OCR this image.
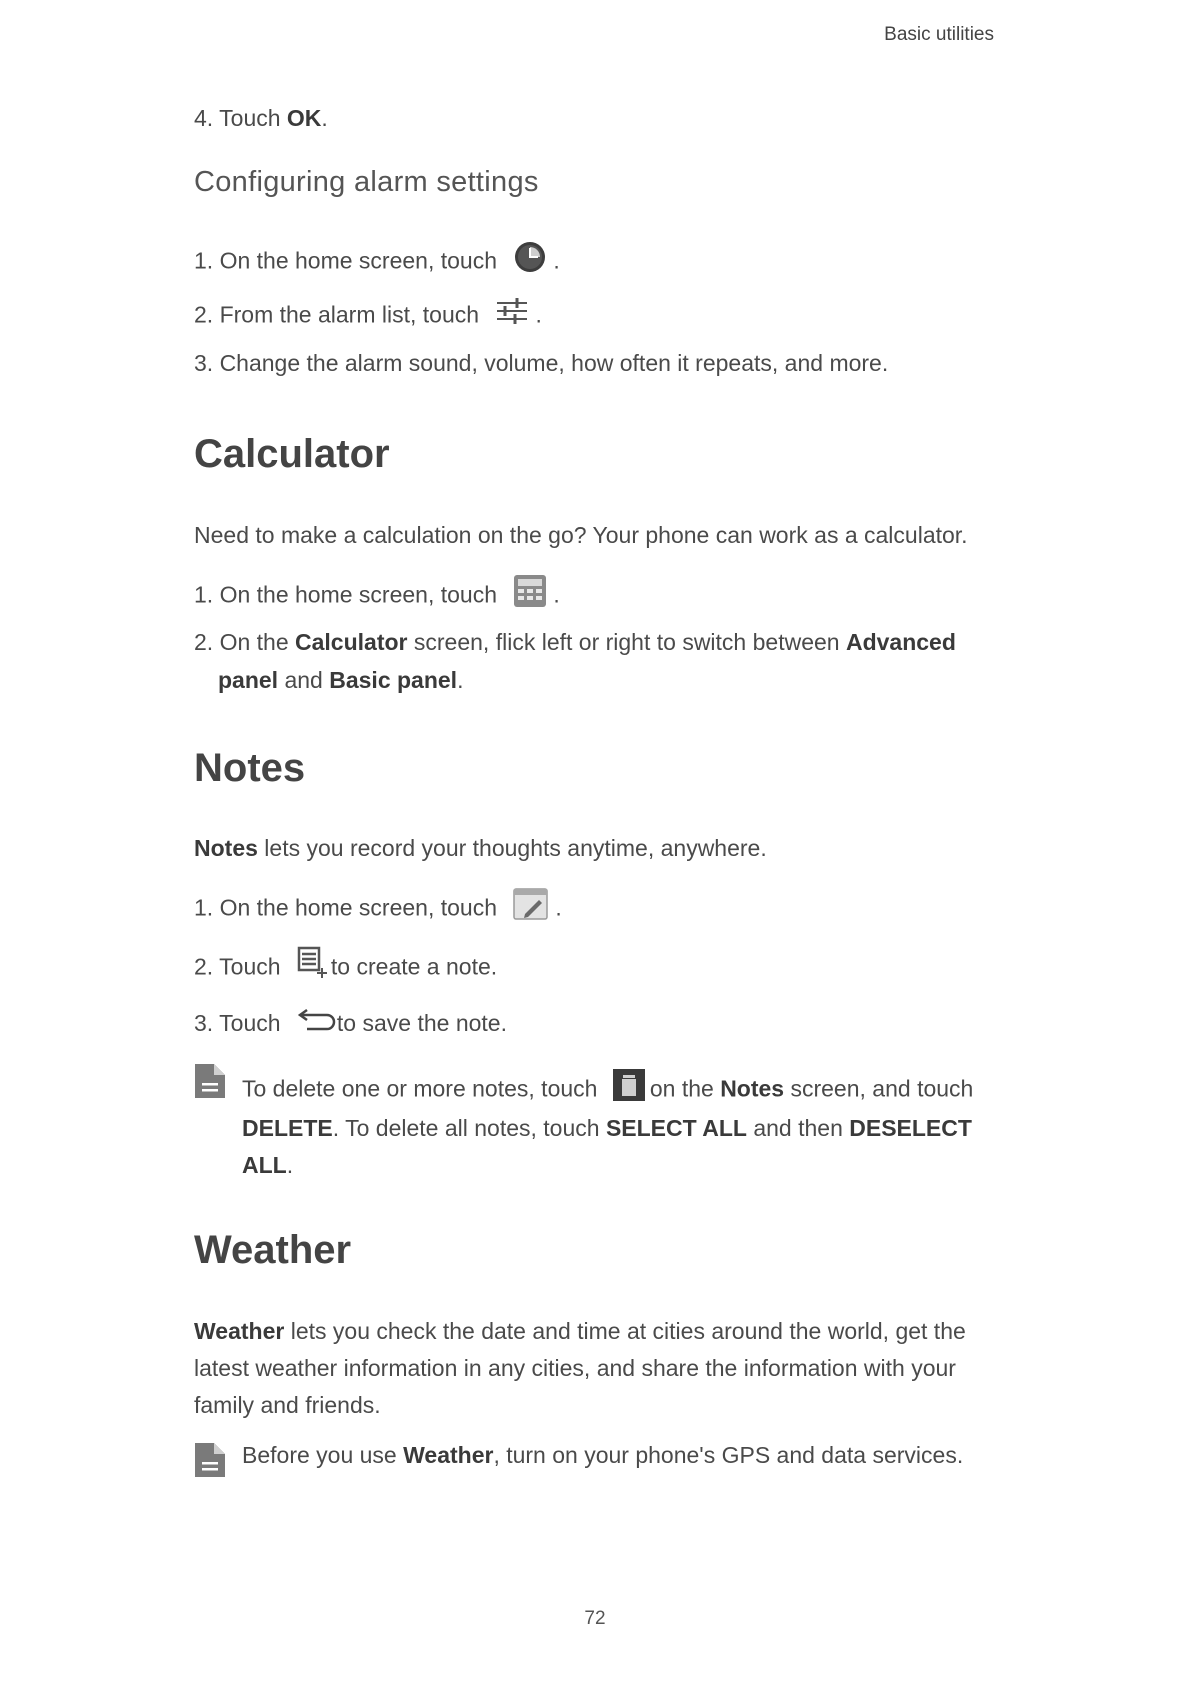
Basic utilities
4. Touch OK.
Configuring alarm settings
1. On the home screen, touch .
2. From the alarm list, touch .
3. Change the alarm sound, volume, how often it repeats, and more.
Calculator
Need to make a calculation on the go? Your phone can work as a calculator.
1. On the home screen, touch .
2. On the Calculator screen, flick left or right to switch between Advanced
panel and Basic panel.
Notes
Notes lets you record your thoughts anytime, anywhere.
1. On the home screen, touch	.
2. Touch to create a note.
3. Touch to save the note.
To delete one or more notes, touch on the Notes screen, and touch
DELETE. To delete all notes, touch SELECT ALL and then DESELECT
ALL.
Weather
Weather lets you check the date and time at cities around the world, get the
latest weather information in any cities, and share the information with your
family and friends.
Before you use Weather, turn on your phone's GPS and data services.
72
